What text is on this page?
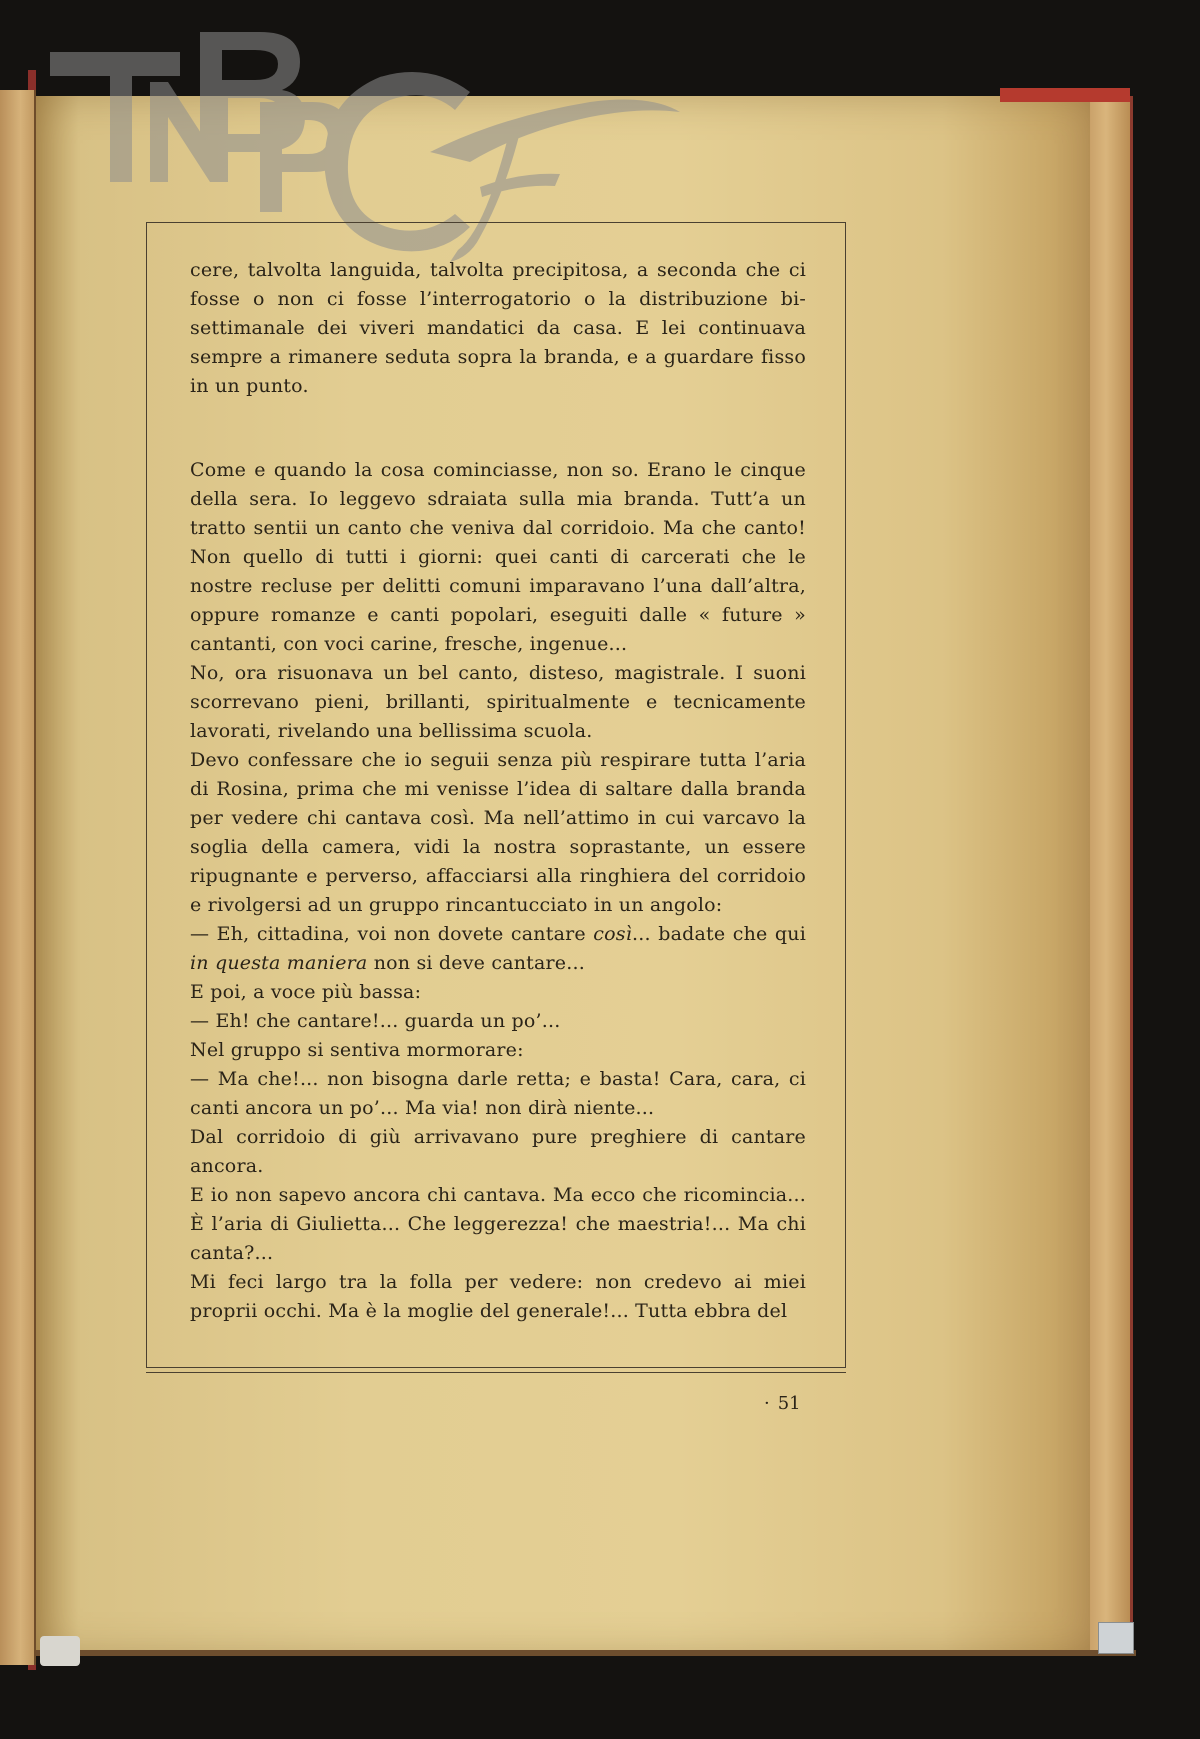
cere, talvolta languida, talvolta precipitosa, a seconda che ci fosse o non ci fosse l’interrogatorio o la distribuzione bi-settimanale dei viveri mandatici da casa. E lei continuava sempre a rimanere seduta sopra la branda, e a guardare fisso in un punto.

Come e quando la cosa cominciasse, non so. Erano le cinque della sera. Io leggevo sdraiata sulla mia branda. Tutt’a un tratto sentii un canto che veniva dal corridoio. Ma che canto! Non quello di tutti i giorni: quei canti di carcerati che le nostre recluse per delitti comuni imparavano l’una dall’altra, oppure romanze e canti popolari, eseguiti dalle « future » cantanti, con voci carine, fresche, ingenue...

No, ora risuonava un bel canto, disteso, magistrale. I suoni scorrevano pieni, brillanti, spiritualmente e tecnicamente lavorati, rivelando una bellissima scuola.

Devo confessare che io seguii senza più respirare tutta l’aria di Rosina, prima che mi venisse l’idea di saltare dalla branda per vedere chi cantava così. Ma nell’attimo in cui varcavo la soglia della camera, vidi la nostra soprastante, un essere ripugnante e perverso, affacciarsi alla ringhiera del corridoio e rivolgersi ad un gruppo rincantucciato in un angolo:

— Eh, cittadina, voi non dovete cantare così... badate che qui in questa maniera non si deve cantare...

E poi, a voce più bassa:

— Eh! che cantare!... guarda un po’...

Nel gruppo si sentiva mormorare:

— Ma che!... non bisogna darle retta; e basta! Cara, cara, ci canti ancora un po’... Ma via! non dirà niente...

Dal corridoio di giù arrivavano pure preghiere di cantare ancora.

E io non sapevo ancora chi cantava. Ma ecco che ricomincia... È l’aria di Giulietta... Che leggerezza! che maestria!... Ma chi canta?...

Mi feci largo tra la folla per vedere: non credevo ai miei proprii occhi. Ma è la moglie del generale!... Tutta ebbra del

· 51
